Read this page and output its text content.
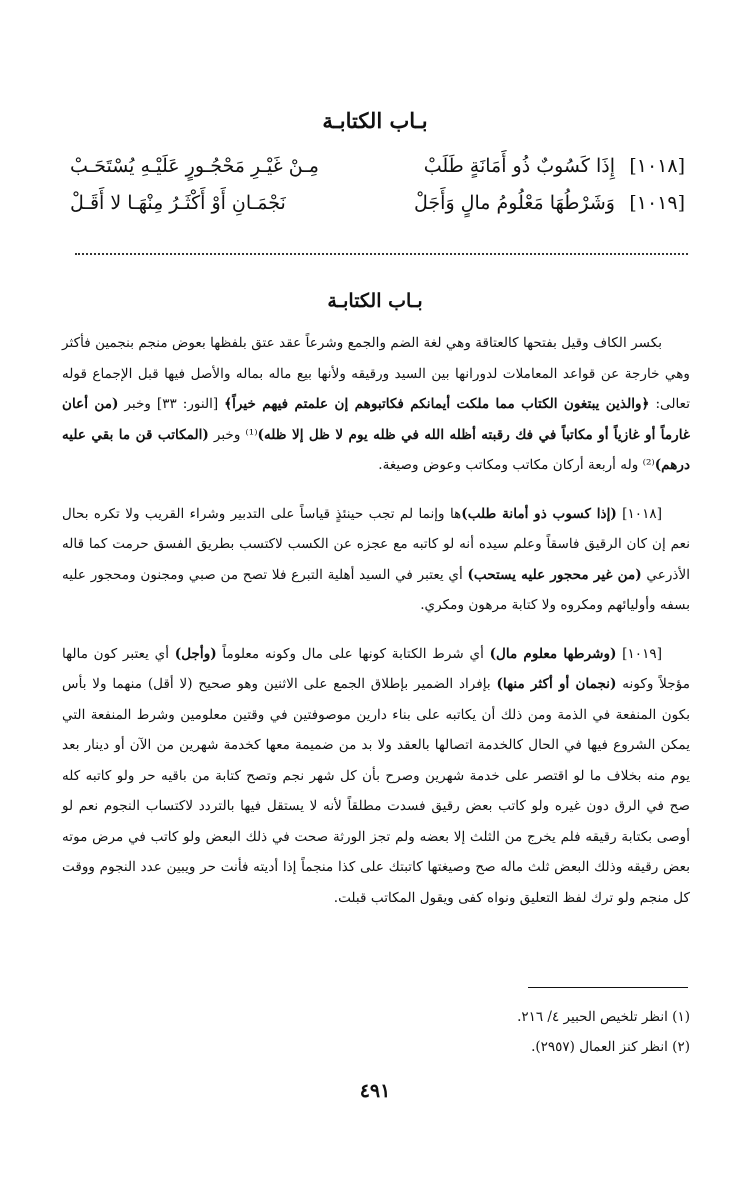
بـاب الكتابـة
[١٠١٨]
إِذَا كَسُوبٌ ذُو أَمَانَةٍ طَلَبْ
مِـنْ غَيْـرِ مَحْجُـورٍ عَلَيْـهِ يُسْتَحَـبْ
[١٠١٩]
وَشَرْطُهَا مَعْلُومُ مالٍ وَأَجَلْ
نَجْمَـانِ أَوْ أَكْثَـرُ مِنْهَـا لا أَقَـلْ
بـاب الكتابـة

بكسر الكاف وقيل بفتحها كالعتاقة وهي لغة الضم والجمع وشرعاً عقد عتق بلفظها بعوض منجم بنجمين فأكثر وهي خارجة عن قواعد المعاملات لدورانها بين السيد ورقيقه ولأنها بيع ماله بماله والأصل فيها قبل الإجماع قوله تعالى: ﴿والذين يبتغون الكتاب مما ملكت أيمانكم فكاتبوهم إن علمتم فيهم خيراً﴾ [النور: ٣٣] وخبر (من أعان غارماً أو غازياً أو مكاتباً في فك رقبته أظله الله في ظله يوم لا ظل إلا ظله)⁽¹⁾ وخبر (المكاتب قن ما بقي عليه درهم)⁽²⁾ وله أربعة أركان مكاتب ومكاتب وعوض وصيغة.

[١٠١٨] (إذا كسوب ذو أمانة طلب)ها وإنما لم تجب حينئذٍ قياساً على التدبير وشراء القريب ولا تكره بحال نعم إن كان الرقيق فاسقاً وعلم سيده أنه لو كاتبه مع عجزه عن الكسب لاكتسب بطريق الفسق حرمت كما قاله الأذرعي (من غير محجور عليه يستحب) أي يعتبر في السيد أهلية التبرع فلا تصح من صبي ومجنون ومحجور عليه بسفه وأوليائهم ومكروه ولا كتابة مرهون ومكري.

[١٠١٩] (وشرطها معلوم مال) أي شرط الكتابة كونها على مال وكونه معلوماً (وأجل) أي يعتبر كون مالها مؤجلاً وكونه (نجمان أو أكثر منها) بإفراد الضمير بإطلاق الجمع على الاثنين وهو صحيح (لا أقل) منهما ولا بأس بكون المنفعة في الذمة ومن ذلك أن يكاتبه على بناء دارين موصوفتين في وقتين معلومين وشرط المنفعة التي يمكن الشروع فيها في الحال كالخدمة اتصالها بالعقد ولا بد من ضميمة معها كخدمة شهرين من الآن أو دينار بعد يوم منه بخلاف ما لو اقتصر على خدمة شهرين وصرح بأن كل شهر نجم وتصح كتابة من باقيه حر ولو كاتبه كله صح في الرق دون غيره ولو كاتب بعض رقيق فسدت مطلقاً لأنه لا يستقل فيها بالتردد لاكتساب النجوم نعم لو أوصى بكتابة رقيقه فلم يخرج من الثلث إلا بعضه ولم تجز الورثة صحت في ذلك البعض ولو كاتب في مرض موته بعض رقيقه وذلك البعض ثلث ماله صح وصيغتها كاتبتك على كذا منجماً إذا أديته فأنت حر ويبين عدد النجوم ووقت كل منجم ولو ترك لفظ التعليق ونواه كفى ويقول المكاتب قبلت.

(١) انظر تلخيص الحبير ٤/ ٢١٦.
(٢) انظر كنز العمال (٢٩٥٧).
٤٩١
